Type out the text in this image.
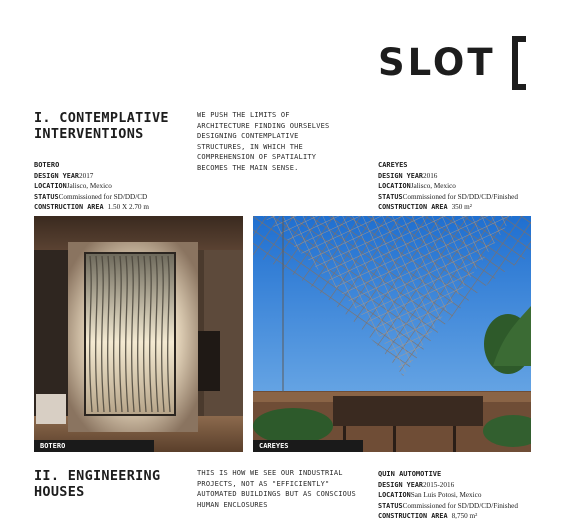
SLOT
I. CONTEMPLATIVE
INTERVENTIONS
WE PUSH THE LIMITS OF ARCHITECTURE FINDING OURSELVES DESIGNING CONTEMPLATIVE STRUCTURES, IN WHICH THE COMPREHENSION OF SPATIALITY BECOMES THE MAIN SENSE.
BOTERO
DESIGN YEAR2017
LOCATIONJalisco, Mexico
STATUSCommissioned for SD/DD/CD
CONSTRUCTION AREA 1.50 X 2.70 m
CAREYES
DESIGN YEAR2016
LOCATIONJalisco, Mexico
STATUSCommissioned for SD/DD/CD/Finished
CONSTRUCTION AREA 350 m²
BOTERO	CAREYES
II. ENGINEERING
HOUSES
THIS IS HOW WE SEE OUR INDUSTRIAL PROJECTS, NOT AS "EFFICIENTLY" AUTOMATED BUILDINGS BUT AS CONSCIOUS HUMAN ENCLOSURES
QUIN AUTOMOTIVE
DESIGN YEAR2015-2016
LOCATIONSan Luis Potosi, Mexico
STATUSCommissioned for SD/DD/CD/Finished
CONSTRUCTION AREA 8,750 m²
